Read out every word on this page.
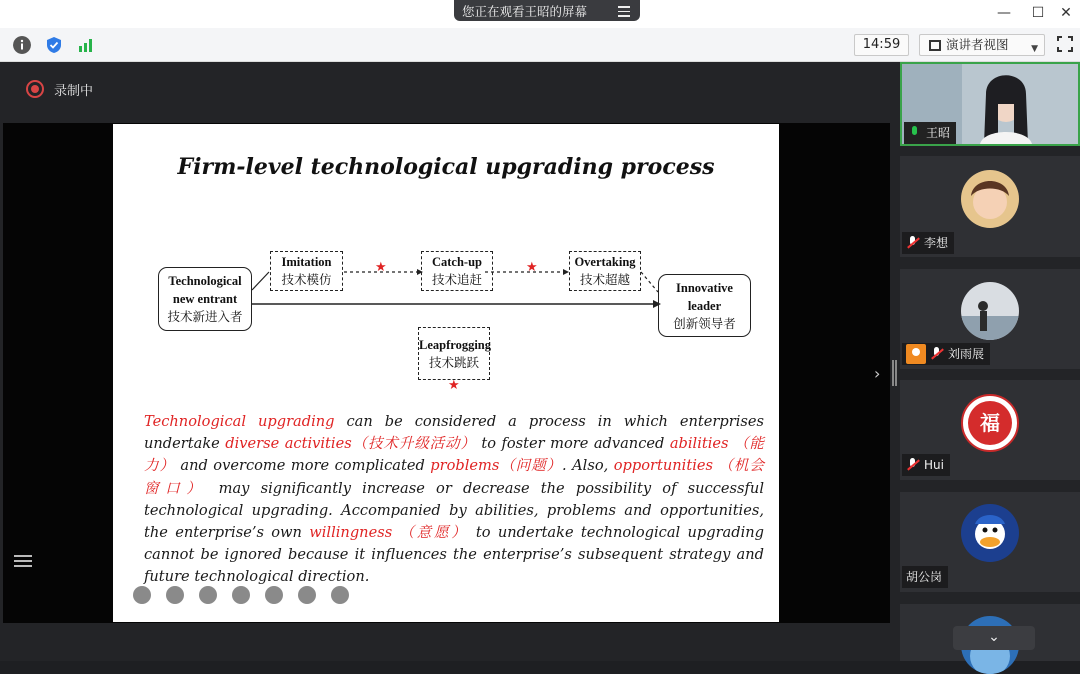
您正在观看王昭的屏幕	— ☐ ✕
14:59	演讲者视图	▼
录制中
Firm-level technological upgrading process
★	★
★
Technological
new entrant
技术新进入者
Imitation
技术模仿
Catch-up
技术追赶
Overtaking
技术超越
Innovative
leader
创新领导者
Leapfrogging
技术跳跃
Technological upgrading can be considered a process in which enterprises undertake diverse activities（技术升级活动） to foster more advanced abilities （能力） and overcome more complicated problems（问题）. Also, opportunities （机会窗口） may significantly increase or decrease the possibility of successful technological upgrading. Accompanied by abilities, problems and opportunities, the enterprise’s own willingness （意愿） to undertake technological upgrading cannot be ignored because it influences the enterprise’s subsequent strategy and future technological direction.
›
王昭
李想
刘雨展
福
Hui
胡公岗
⌄
